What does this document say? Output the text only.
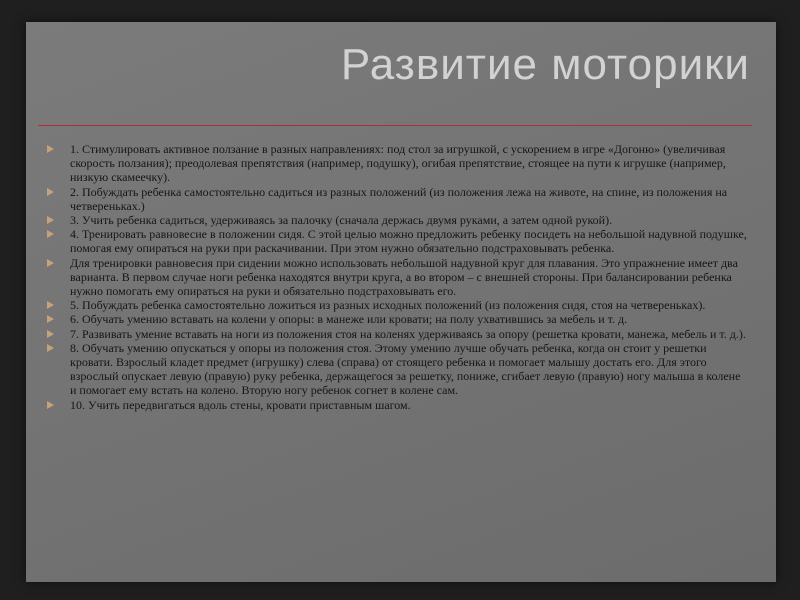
Развитие моторики
1. Стимулировать активное ползание в разных направлениях: под стол за игрушкой, с ускорением в игре «Догоню» (увеличивая скорость ползания); преодолевая препятствия (например, подушку), огибая препятствие, стоящее на пути к игрушке (например, низкую скамеечку).
2. Побуждать ребенка самостоятельно садиться из разных положений (из положения лежа на животе, на спине, из положения на четвереньках.)
3. Учить ребенка садиться, удерживаясь за палочку (сначала держась двумя руками, а затем одной рукой).
4. Тренировать равновесие в положении сидя. С этой целью можно предложить ребенку посидеть на небольшой надувной подушке, помогая ему опираться на руки при раскачивании. При этом нужно обязательно подстраховывать ребенка.
Для тренировки равновесия при сидении можно использовать небольшой надувной круг для плавания. Это упражнение имеет два варианта. В первом случае ноги ребенка находятся внутри круга, а во втором – с внешней стороны. При балансировании ребенка нужно помогать ему опираться на руки и обязательно подстраховывать его.
5. Побуждать ребенка самостоятельно ложиться из разных исходных положений (из положения сидя, стоя на четвереньках).
6. Обучать умению вставать на колени у опоры: в манеже или кровати; на полу ухватившись за мебель и т. д.
7. Развивать умение вставать на ноги из положения стоя на коленях удерживаясь за опору (решетка кровати, манежа, мебель и т. д.).
8. Обучать умению опускаться у опоры из положения стоя. Этому умению лучше обучать ребенка, когда он стоит у решетки кровати. Взрослый кладет предмет (игрушку) слева (справа) от стоящего ребенка и помогает малышу достать его. Для этого взрослый опускает левую (правую) руку ребенка, держащегося за решетку, пониже, сгибает левую (правую) ногу малыша в колене и помогает ему встать на колено. Вторую ногу ребенок согнет в колене сам.
10. Учить передвигаться вдоль стены, кровати приставным шагом.
